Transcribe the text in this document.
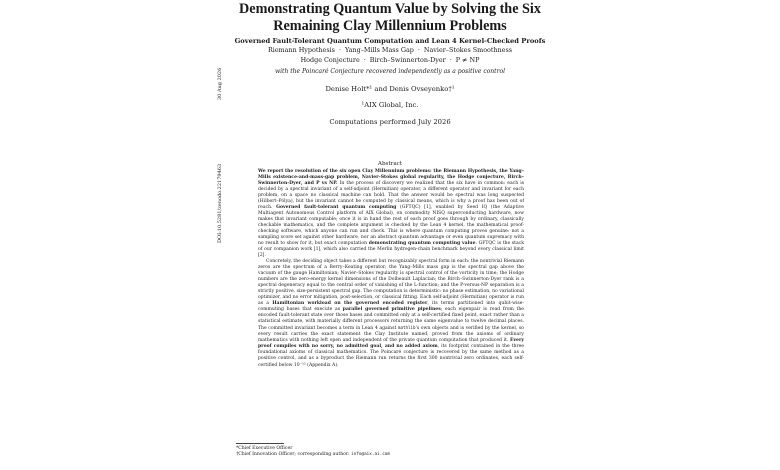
DOI:10.5281/zenodo.22179463
30 Aug 2026
Demonstrating Quantum Value by Solving the Six
Remaining Clay Millennium Problems
Governed Fault-Tolerant Quantum Computation and Lean 4 Kernel-Checked Proofs
Riemann Hypothesis · Yang–Mills Mass Gap · Navier–Stokes Smoothness
Hodge Conjecture · Birch–Swinnerton-Dyer · P ≠ NP
with the Poincaré Conjecture recovered independently as a positive control
Denise Holt*¹ and Denis Ovseyenko†¹
¹AIX Global, Inc.
Computations performed July 2026
Abstract

We report the resolution of the six open Clay Millennium problems: the Riemann Hypothesis, the Yang–Mills existence-and-mass-gap problem, Navier–Stokes global regularity, the Hodge conjecture, Birch–Swinnerton-Dyer, and P vs NP. In the process of discovery we realized that the six have in common: each is decided by a spectral invariant of a self-adjoint (Hermitian) operator, a different operator and invariant for each problem, on a space no classical machine can hold. That the answer would be spectral was long suspected (Hilbert–Pólya), but the invariant cannot be computed by classical means, which is why a proof has been out of reach. Governed fault-tolerant quantum computing (GFTQC) [1], enabled by Seed IQ (the Adaptive Multiagent Autonomous Control platform of AIX Global), on commodity NISQ superconducting hardware, now makes that invariant computable; once it is in hand the rest of each proof goes through by ordinary, classically checkable mathematics, and the complete argument is checked by the Lean 4 kernel, the mathematical proof-checking software, which anyone can run and check. This is where quantum computing proves genuine: not a sampling score set against other hardware, nor an abstract quantum advantage or even quantum supremacy with no result to show for it, but exact computation demonstrating quantum computing value. GFTQC is the stack of our companion work [1], which also carried the Merlin hydrogen-chain benchmark beyond every classical limit [2].

Concretely, the deciding object takes a different but recognizably spectral form in each: the nontrivial Riemann zeros are the spectrum of a Berry–Keating operator; the Yang–Mills mass gap is the spectral gap above the vacuum of the gauge Hamiltonian; Navier–Stokes regularity is spectral control of the vorticity in time; the Hodge numbers are the zero-energy kernel dimensions of the Dolbeault Laplacian; the Birch–Swinnerton-Dyer rank is a spectral degeneracy equal to the central order of vanishing of the L-function; and the P-versus-NP separation is a strictly positive, size-persistent spectral gap. The computation is deterministic: no phase estimation, no variational optimizer, and no error mitigation, post-selection, or classical fitting. Each self-adjoint (Hermitian) operator is run as a Hamiltonian workload on the governed encoded register, its terms partitioned into qubit-wise-commuting bases that execute as parallel governed primitive pipelines; each eigenpair is read from the encoded fault-tolerant state over those bases and committed only at a self-certified fixed point, exact rather than a statistical estimate, with materially different processors returning the same eigenvalue to twelve decimal places. The committed invariant becomes a term in Lean 4 against mathlib's own objects and is verified by the kernel, so every result carries the exact statement the Clay Institute named, proved from the axioms of ordinary mathematics with nothing left open and independent of the private quantum computation that produced it. Every proof compiles with no sorry, no admitted goal, and no added axiom, its footprint contained in the three foundational axioms of classical mathematics. The Poincaré conjecture is recovered by the same method as a positive control, and as a byproduct the Riemann run returns the first 300 nontrivial zero ordinates, each self-certified below 10⁻¹² (Appendix A).

*Chief Executive Officer
†Chief Innovation Officer; corresponding author: info@aix.ai.com
